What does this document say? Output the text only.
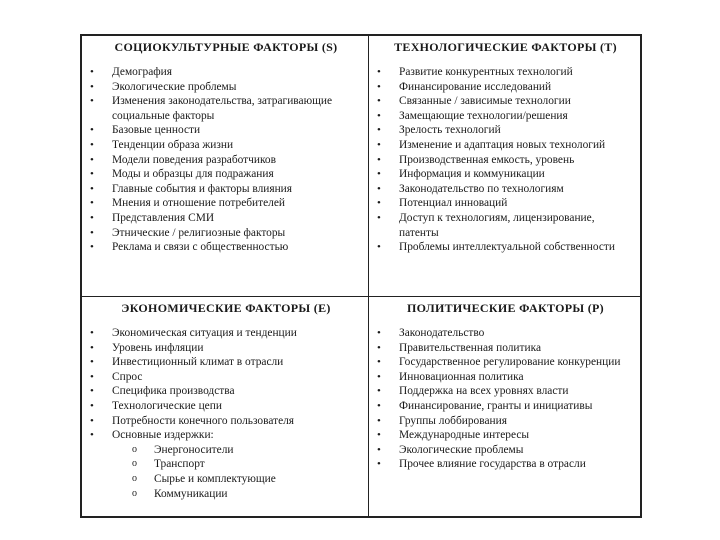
СОЦИОКУЛЬТУРНЫЕ ФАКТОРЫ (S)
• Демография
• Экологические проблемы
• Изменения законодательства, затрагивающие социальные факторы
• Базовые ценности
• Тенденции образа жизни
• Модели поведения разработчиков
• Моды и образцы для подражания
• Главные события и факторы влияния
• Мнения и отношение потребителей
• Представления СМИ
• Этнические / религиозные факторы
• Реклама и связи с общественностью
ТЕХНОЛОГИЧЕСКИЕ ФАКТОРЫ (T)
• Развитие конкурентных технологий
• Финансирование исследований
• Связанные / зависимые технологии
• Замещающие технологии/решения
• Зрелость технологий
• Изменение и адаптация новых технологий
• Производственная емкость, уровень
• Информация и коммуникации
• Законодательство по технологиям
• Потенциал инноваций
• Доступ к технологиям, лицензирование, патенты
• Проблемы интеллектуальной собственности
ЭКОНОМИЧЕСКИЕ ФАКТОРЫ (E)
• Экономическая ситуация и тенденции
• Уровень инфляции
• Инвестиционный климат в отрасли
• Спрос
• Специфика производства
• Технологические цепи
• Потребности конечного пользователя
• Основные издержки:
o Энергоносители
o Транспорт
o Сырье и комплектующие
o Коммуникации
ПОЛИТИЧЕСКИЕ ФАКТОРЫ (P)
• Законодательство
• Правительственная политика
• Государственное регулирование конкуренции
• Инновационная политика
• Поддержка на всех уровнях власти
• Финансирование, гранты и инициативы
• Группы лоббирования
• Международные интересы
• Экологические проблемы
• Прочее влияние государства в отрасли
